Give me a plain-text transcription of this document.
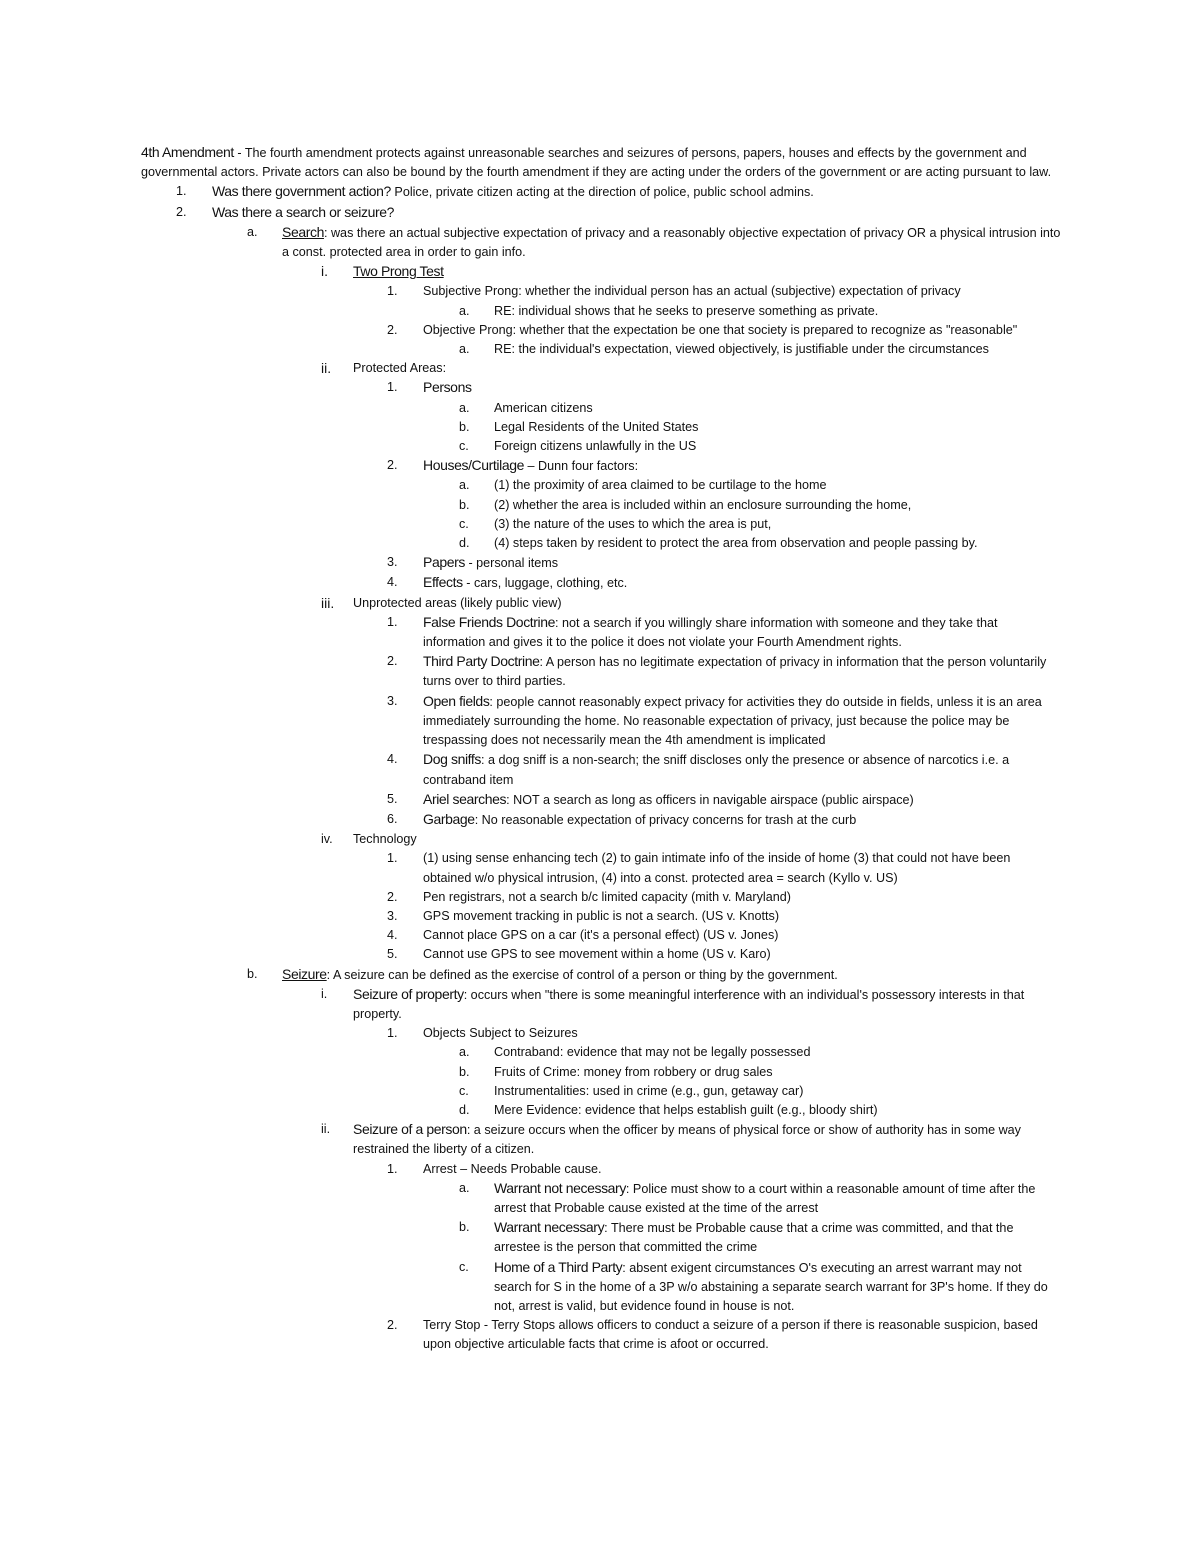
4th Amendment - The fourth amendment protects against unreasonable searches and seizures of persons, papers, houses and effects by the government and governmental actors. Private actors can also be bound by the fourth amendment if they are acting under the orders of the government or are acting pursuant to law.

1. Was there government action? Police, private citizen acting at the direction of police, public school admins.
2. Was there a search or seizure?
a. Search: was there an actual subjective expectation of privacy and a reasonably objective expectation of privacy OR a physical intrusion into a const. protected area in order to gain info.
i. Two Prong Test
1. Subjective Prong: whether the individual person has an actual (subjective) expectation of privacy
a. RE: individual shows that he seeks to preserve something as private.
2. Objective Prong: whether that the expectation be one that society is prepared to recognize as "reasonable"
a. RE: the individual's expectation, viewed objectively, is justifiable under the circumstances
ii. Protected Areas:
1. Persons
a. American citizens
b. Legal Residents of the United States
c. Foreign citizens unlawfully in the US
2. Houses/Curtilage – Dunn four factors:
a. (1) the proximity of area claimed to be curtilage to the home
b. (2) whether the area is included within an enclosure surrounding the home,
c. (3) the nature of the uses to which the area is put,
d. (4) steps taken by resident to protect the area from observation and people passing by.
3. Papers - personal items
4. Effects - cars, luggage, clothing, etc.
iii. Unprotected areas (likely public view)
1. False Friends Doctrine: not a search if you willingly share information with someone and they take that information and gives it to the police it does not violate your Fourth Amendment rights.
2. Third Party Doctrine: A person has no legitimate expectation of privacy in information that the person voluntarily turns over to third parties.
3. Open fields: people cannot reasonably expect privacy for activities they do outside in fields, unless it is an area immediately surrounding the home. No reasonable expectation of privacy, just because the police may be trespassing does not necessarily mean the 4th amendment is implicated
4. Dog sniffs: a dog sniff is a non-search; the sniff discloses only the presence or absence of narcotics i.e. a contraband item
5. Ariel searches: NOT a search as long as officers in navigable airspace (public airspace)
6. Garbage: No reasonable expectation of privacy concerns for trash at the curb
iv. Technology
1. (1) using sense enhancing tech (2) to gain intimate info of the inside of home (3) that could not have been obtained w/o physical intrusion, (4) into a const. protected area = search (Kyllo v. US)
2. Pen registrars, not a search b/c limited capacity (mith v. Maryland)
3. GPS movement tracking in public is not a search. (US v. Knotts)
4. Cannot place GPS on a car (it's a personal effect) (US v. Jones)
5. Cannot use GPS to see movement within a home (US v. Karo)
b. Seizure: A seizure can be defined as the exercise of control of a person or thing by the government.
i. Seizure of property: occurs when "there is some meaningful interference with an individual's possessory interests in that property.
1. Objects Subject to Seizures
a. Contraband: evidence that may not be legally possessed
b. Fruits of Crime: money from robbery or drug sales
c. Instrumentalities: used in crime (e.g., gun, getaway car)
d. Mere Evidence: evidence that helps establish guilt (e.g., bloody shirt)
ii. Seizure of a person: a seizure occurs when the officer by means of physical force or show of authority has in some way restrained the liberty of a citizen.
1. Arrest – Needs Probable cause.
a. Warrant not necessary: Police must show to a court within a reasonable amount of time after the arrest that Probable cause existed at the time of the arrest
b. Warrant necessary: There must be Probable cause that a crime was committed, and that the arrestee is the person that committed the crime
c. Home of a Third Party: absent exigent circumstances O's executing an arrest warrant may not search for S in the home of a 3P w/o abstaining a separate search warrant for 3P's home. If they do not, arrest is valid, but evidence found in house is not.
2. Terry Stop - Terry Stops allows officers to conduct a seizure of a person if there is reasonable suspicion, based upon objective articulable facts that crime is afoot or occurred.
